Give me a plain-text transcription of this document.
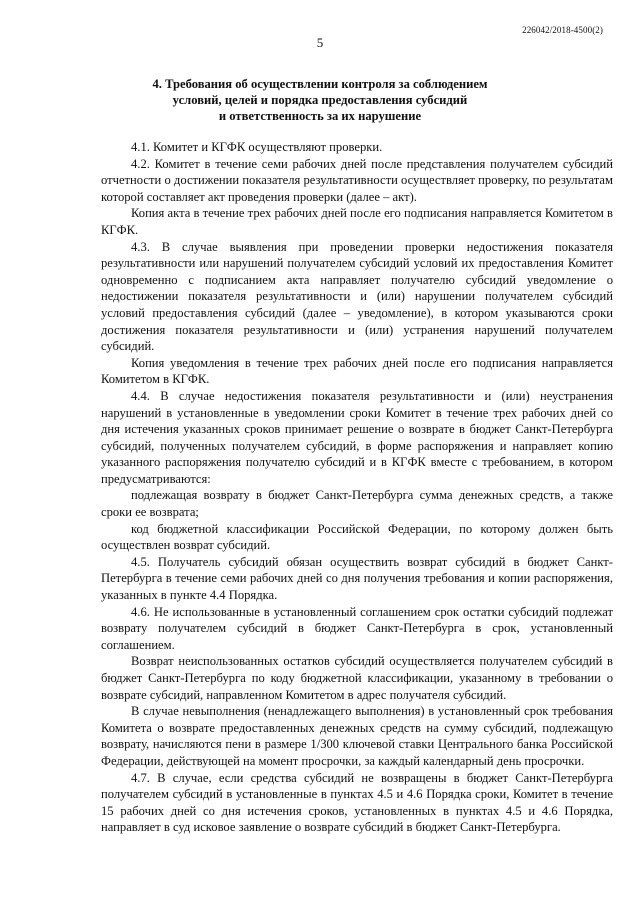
226042/2018-4500(2)
5
4. Требования об осуществлении контроля за соблюдением
условий, целей и порядка предоставления субсидий
и ответственность за их нарушение

4.1. Комитет и КГФК осуществляют проверки.

4.2. Комитет в течение семи рабочих дней после представления получателем субсидий отчетности о достижении показателя результативности осуществляет проверку, по результатам которой составляет акт проведения проверки (далее – акт).

Копия акта в течение трех рабочих дней после его подписания направляется Комитетом в КГФК.

4.3. В случае выявления при проведении проверки недостижения показателя результативности или нарушений получателем субсидий условий их предоставления Комитет одновременно с подписанием акта направляет получателю субсидий уведомление о недостижении показателя результативности и (или) нарушении получателем субсидий условий предоставления субсидий (далее – уведомление), в котором указываются сроки достижения показателя результативности и (или) устранения нарушений получателем субсидий.

Копия уведомления в течение трех рабочих дней после его подписания направляется Комитетом в КГФК.

4.4. В случае недостижения показателя результативности и (или) неустранения нарушений в установленные в уведомлении сроки Комитет в течение трех рабочих дней со дня истечения указанных сроков принимает решение о возврате в бюджет Санкт-Петербурга субсидий, полученных получателем субсидий, в форме распоряжения и направляет копию указанного распоряжения получателю субсидий и в КГФК вместе с требованием, в котором предусматриваются:

подлежащая возврату в бюджет Санкт-Петербурга сумма денежных средств, а также сроки ее возврата;

код бюджетной классификации Российской Федерации, по которому должен быть осуществлен возврат субсидий.

4.5. Получатель субсидий обязан осуществить возврат субсидий в бюджет Санкт-Петербурга в течение семи рабочих дней со дня получения требования и копии распоряжения, указанных в пункте 4.4 Порядка.

4.6. Не использованные в установленный соглашением срок остатки субсидий подлежат возврату получателем субсидий в бюджет Санкт-Петербурга в срок, установленный соглашением.

Возврат неиспользованных остатков субсидий осуществляется получателем субсидий в бюджет Санкт-Петербурга по коду бюджетной классификации, указанному в требовании о возврате субсидий, направленном Комитетом в адрес получателя субсидий.

В случае невыполнения (ненадлежащего выполнения) в установленный срок требования Комитета о возврате предоставленных денежных средств на сумму субсидий, подлежащую возврату, начисляются пени в размере 1/300 ключевой ставки Центрального банка Российской Федерации, действующей на момент просрочки, за каждый календарный день просрочки.

4.7. В случае, если средства субсидий не возвращены в бюджет Санкт-Петербурга получателем субсидий в установленные в пунктах 4.5 и 4.6 Порядка сроки, Комитет в течение 15 рабочих дней со дня истечения сроков, установленных в пунктах 4.5 и 4.6 Порядка, направляет в суд исковое заявление о возврате субсидий в бюджет Санкт-Петербурга.
